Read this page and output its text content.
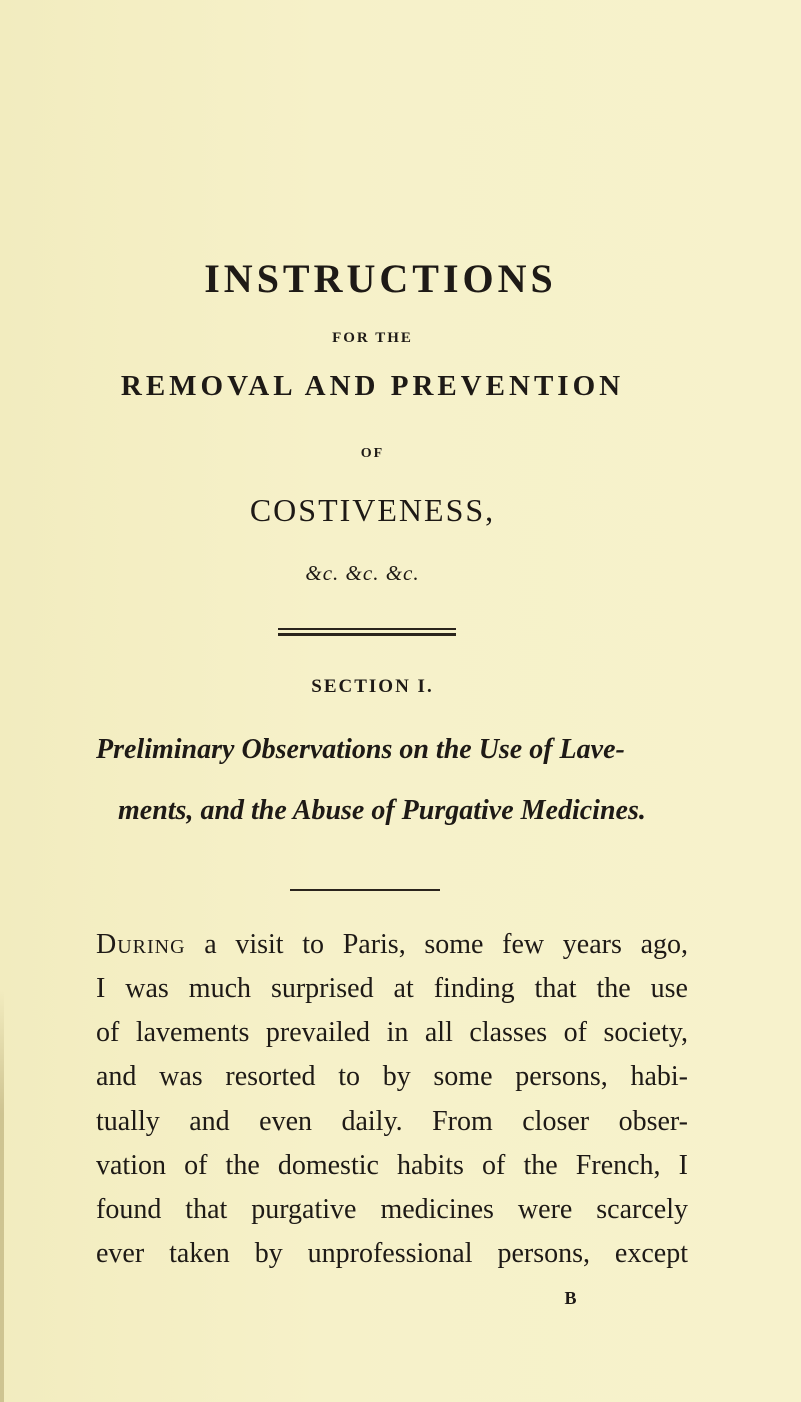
INSTRUCTIONS
FOR THE
REMOVAL AND PREVENTION
OF
COSTIVENESS,
&c. &c. &c.
SECTION I.
Preliminary Observations on the Use of Lave-
ments, and the Abuse of Purgative Medicines.
During a visit to Paris, some few years ago,
I was much surprised at finding that the use
of lavements prevailed in all classes of society,
and was resorted to by some persons, habi-
tually and even daily. From closer obser-
vation of the domestic habits of the French, I
found that purgative medicines were scarcely
ever taken by unprofessional persons, except
B
